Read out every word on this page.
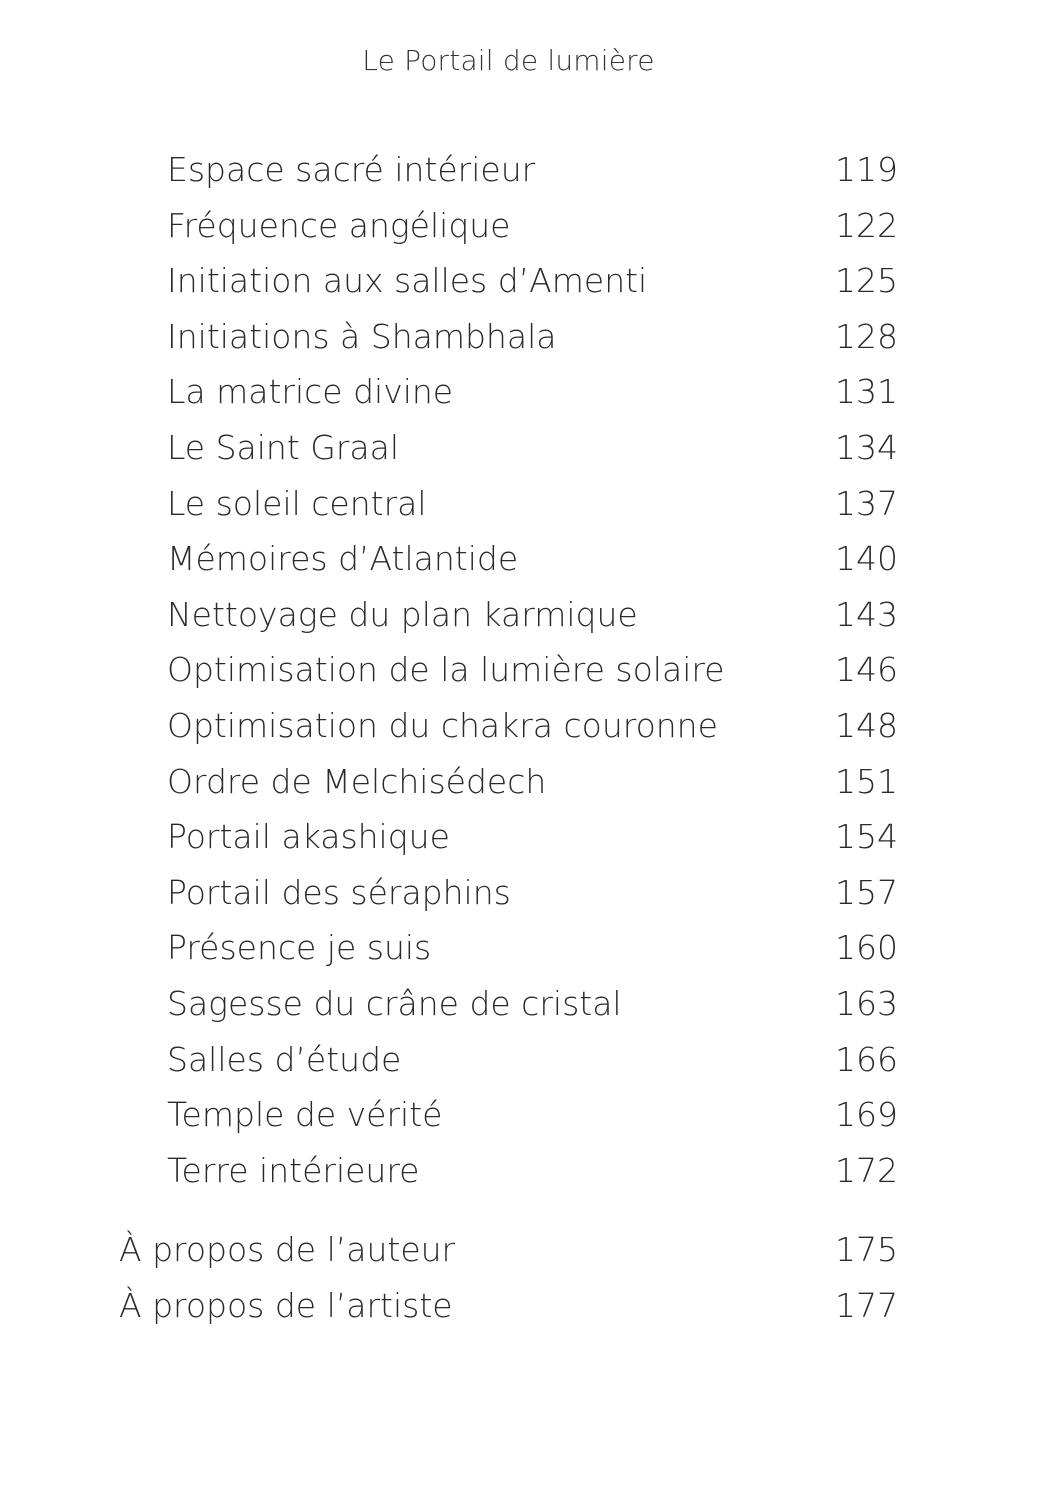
Le Portail de lumière
Espace sacré intérieur	119
Fréquence angélique	122
Initiation aux salles d’Amenti	125
Initiations à Shambhala	128
La matrice divine	131
Le Saint Graal	134
Le soleil central	137
Mémoires d’Atlantide	140
Nettoyage du plan karmique	143
Optimisation de la lumière solaire	146
Optimisation du chakra couronne	148
Ordre de Melchisédech	151
Portail akashique	154
Portail des séraphins	157
Présence je suis	160
Sagesse du crâne de cristal	163
Salles d’étude	166
Temple de vérité	169
Terre intérieure	172
À propos de l’auteur	175
À propos de l’artiste	177
